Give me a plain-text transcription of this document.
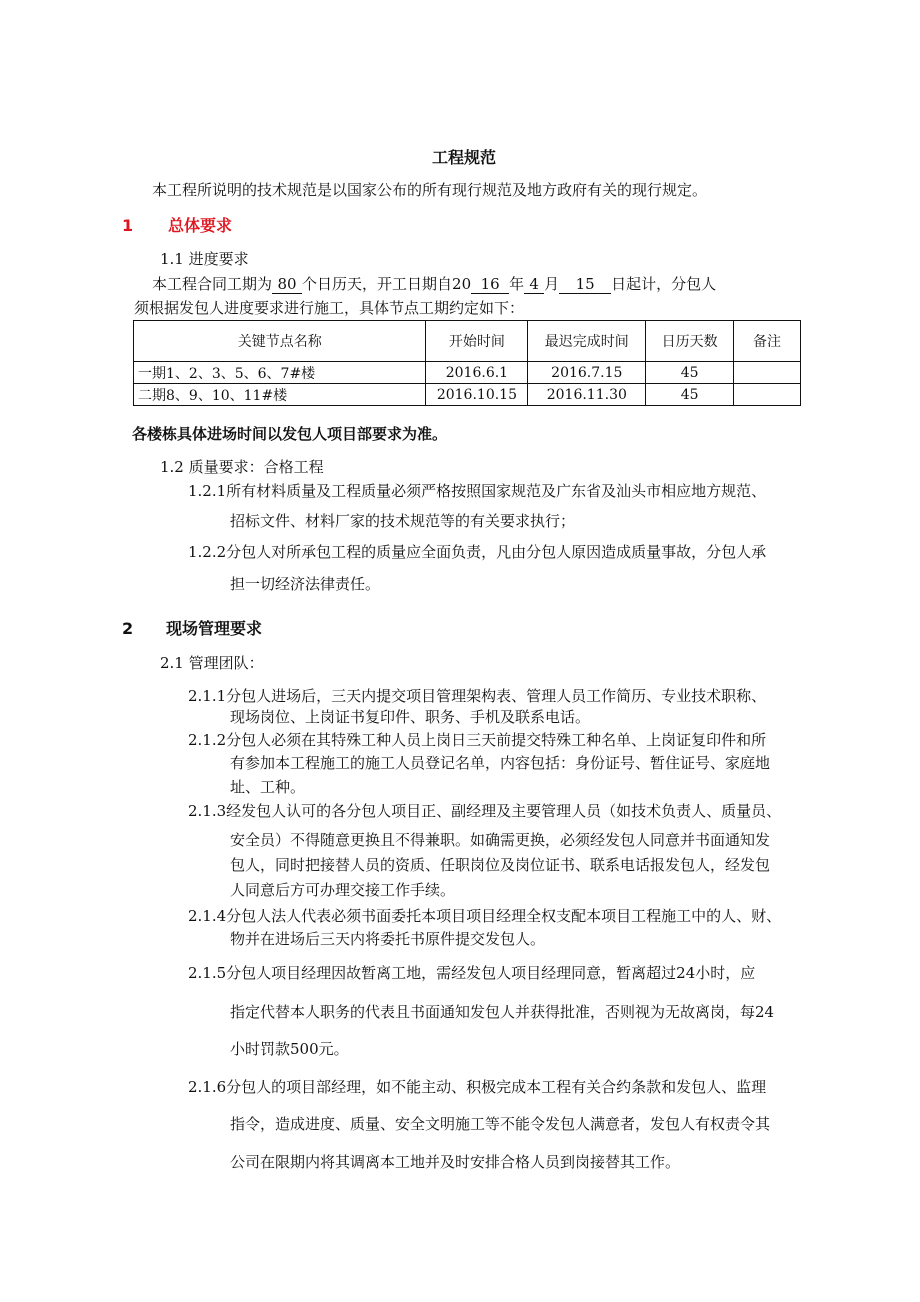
工程规范
本工程所说明的技术规范是以国家公布的所有现行规范及地方政府有关的现行规定。
1 总体要求
1.1 进度要求
本工程合同工期为 80 个日历天，开工日期自20 16 年 4 月 15 日起计，分包人
须根据发包人进度要求进行施工，具体节点工期约定如下：
关键节点名称	开始时间	最迟完成时间	日历天数	备注
一期1、2、3、5、6、7#楼	2016.6.1	2016.7.15	45	
二期8、9、10、11#楼	2016.10.15	2016.11.30	45	
各楼栋具体进场时间以发包人项目部要求为准。
1.2 质量要求：合格工程
1.2.1所有材料质量及工程质量必须严格按照国家规范及广东省及汕头市相应地方规范、
招标文件、材料厂家的技术规范等的有关要求执行；
1.2.2分包人对所承包工程的质量应全面负责，凡由分包人原因造成质量事故，分包人承
担一切经济法律责任。
2 现场管理要求
2.1 管理团队：
2.1.1分包人进场后，三天内提交项目管理架构表、管理人员工作简历、专业技术职称、
现场岗位、上岗证书复印件、职务、手机及联系电话。
2.1.2分包人必须在其特殊工种人员上岗日三天前提交特殊工种名单、上岗证复印件和所
有参加本工程施工的施工人员登记名单，内容包括：身份证号、暂住证号、家庭地
址、工种。
2.1.3经发包人认可的各分包人项目正、副经理及主要管理人员（如技术负责人、质量员、
安全员）不得随意更换且不得兼职。如确需更换，必须经发包人同意并书面通知发
包人，同时把接替人员的资质、任职岗位及岗位证书、联系电话报发包人，经发包
人同意后方可办理交接工作手续。
2.1.4分包人法人代表必须书面委托本项目项目经理全权支配本项目工程施工中的人、财、
物并在进场后三天内将委托书原件提交发包人。
2.1.5分包人项目经理因故暂离工地，需经发包人项目经理同意，暂离超过24小时，应
指定代替本人职务的代表且书面通知发包人并获得批准，否则视为无故离岗，每24
小时罚款500元。
2.1.6分包人的项目部经理，如不能主动、积极完成本工程有关合约条款和发包人、监理
指令，造成进度、质量、安全文明施工等不能令发包人满意者，发包人有权责令其
公司在限期内将其调离本工地并及时安排合格人员到岗接替其工作。
